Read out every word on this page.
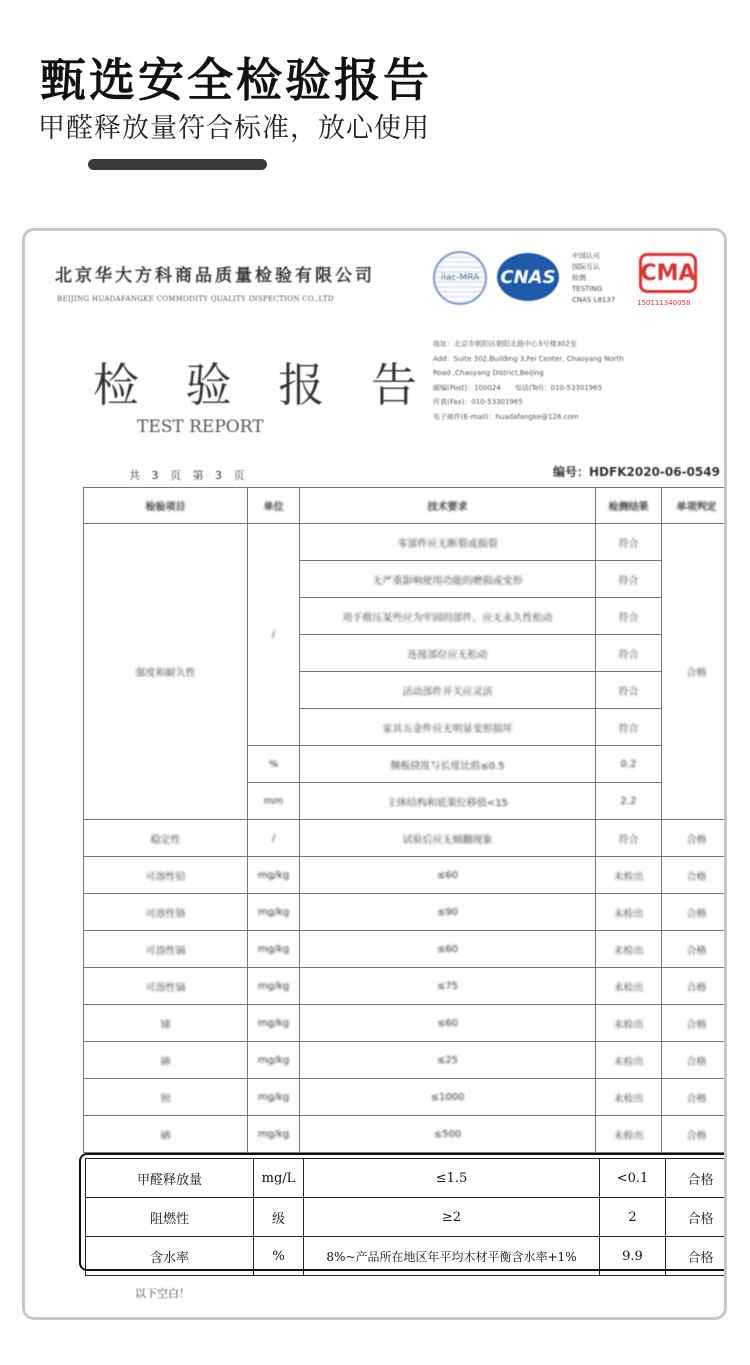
甄选安全检验报告
甲醛释放量符合标准，放心使用
北京华大方科商品质量检验有限公司
BEIJING HUADAFANGKE COMMODITY QUALITY INSPECTION CO.,LTD
ilac-MRA	CNAS
中国认可
国际互认
检测
TESTING
CNAS L8137
CMA
150111340058
检 验 报 告
TEST REPORT
地址：北京市朝阳区朝阳北路中心3号楼302室
Add：Suite 302,Building 3,Fei Center, Chaoyang North
Road ,Chaoyang District,Beijing
邮编(Post)：100024　　电话(Tel)：010-53301965
传真(Fax)：010-53301965
电子邮件(E-mail)：huadafangke@126.com
共 3 页 第 3 页	编号：HDFK2020-06-0549
检验项目	单位	技术要求	检测结果	单项判定
强度和耐久性	/	零部件应无断裂或损裂	符合	合格
		无严重影响使用功能的磨损或变形	符合	
		用手揿压某些应为牢固的部件，应无永久性松动	符合	
		连接部位应无松动	符合	
		活动部件开关应灵活	符合	
		家具五金件应无明显变形损坏	符合	
	%	侧板挠度与长度比值≤0.5	0.2	
	mm	主体结构和底架位移值<15	2.2	
稳定性	/	试验后应无倾翻现象	符合	合格
可溶性铅	mg/kg	≤60	未检出	合格
可溶性铬	mg/kg	≤90	未检出	合格
可溶性镉	mg/kg	≤60	未检出	合格
可溶性镉	mg/kg	≤75	未检出	合格
锑	mg/kg	≤60	未检出	合格
砷	mg/kg	≤25	未检出	合格
钡	mg/kg	≤1000	未检出	合格
硒	mg/kg	≤500	未检出	合格
甲醛释放量	mg/L	≤1.5	<0.1	合格
阻燃性	级	≥2	2	合格
含水率	%	8%~产品所在地区年平均木材平衡含水率+1%	9.9	合格
以下空白！
